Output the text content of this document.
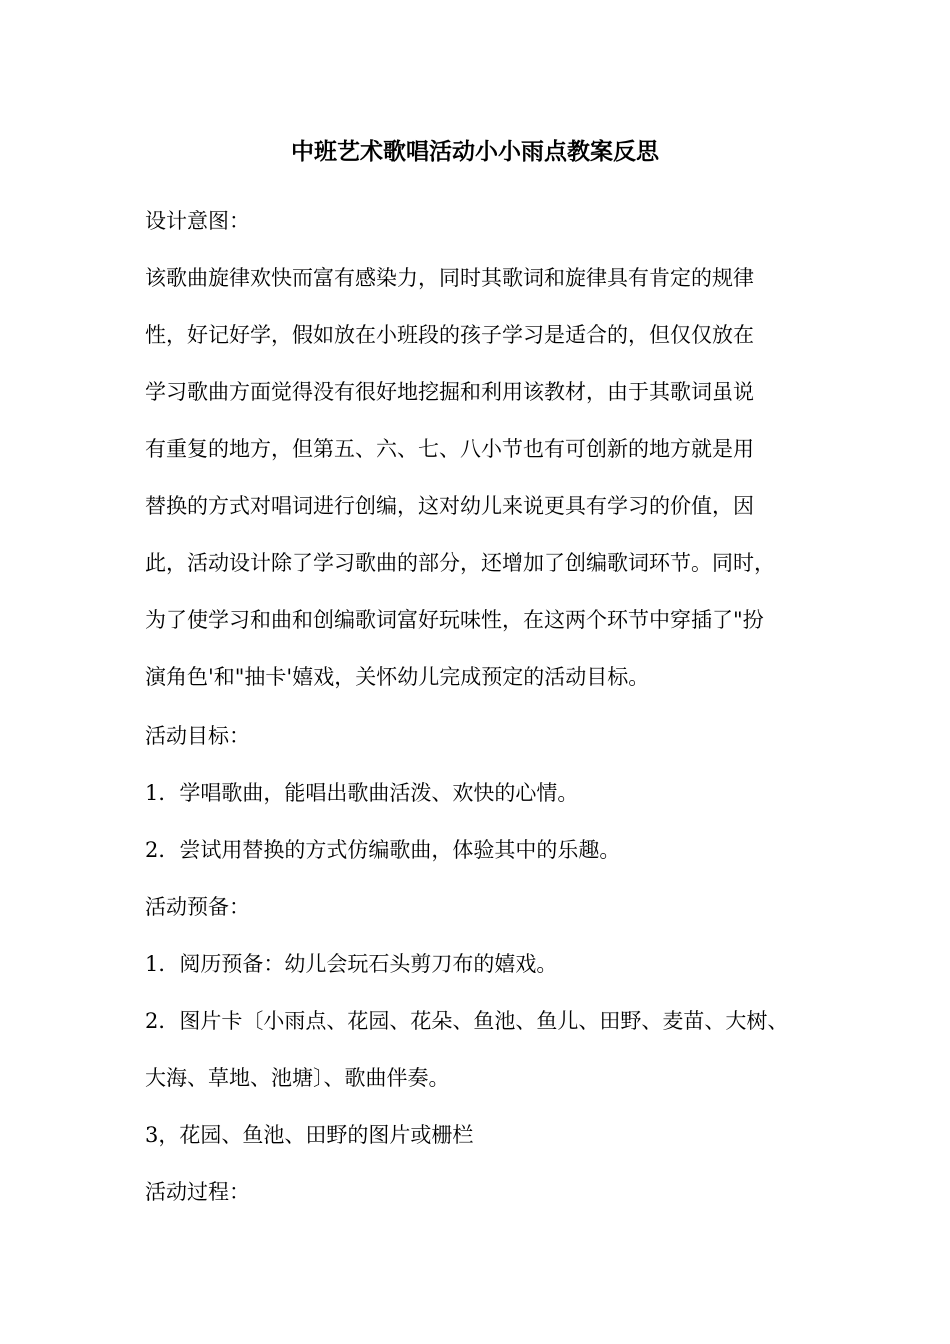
中班艺术歌唱活动小小雨点教案反思
设计意图：
该歌曲旋律欢快而富有感染力，同时其歌词和旋律具有肯定的规律
性，好记好学，假如放在小班段的孩子学习是适合的，但仅仅放在
学习歌曲方面觉得没有很好地挖掘和利用该教材，由于其歌词虽说
有重复的地方，但第五、六、七、八小节也有可创新的地方就是用
替换的方式对唱词进行创编，这对幼儿来说更具有学习的价值，因
此，活动设计除了学习歌曲的部分，还增加了创编歌词环节。同时，
为了使学习和曲和创编歌词富好玩味性，在这两个环节中穿插了"扮
演角色'和"抽卡'嬉戏，关怀幼儿完成预定的活动目标。
活动目标：
1．学唱歌曲，能唱出歌曲活泼、欢快的心情。
2．尝试用替换的方式仿编歌曲，体验其中的乐趣。
活动预备：
1．阅历预备：幼儿会玩石头剪刀布的嬉戏。
2．图片卡〔小雨点、花园、花朵、鱼池、鱼儿、田野、麦苗、大树、
大海、草地、池塘〕、歌曲伴奏。
3，花园、鱼池、田野的图片或栅栏
活动过程：
